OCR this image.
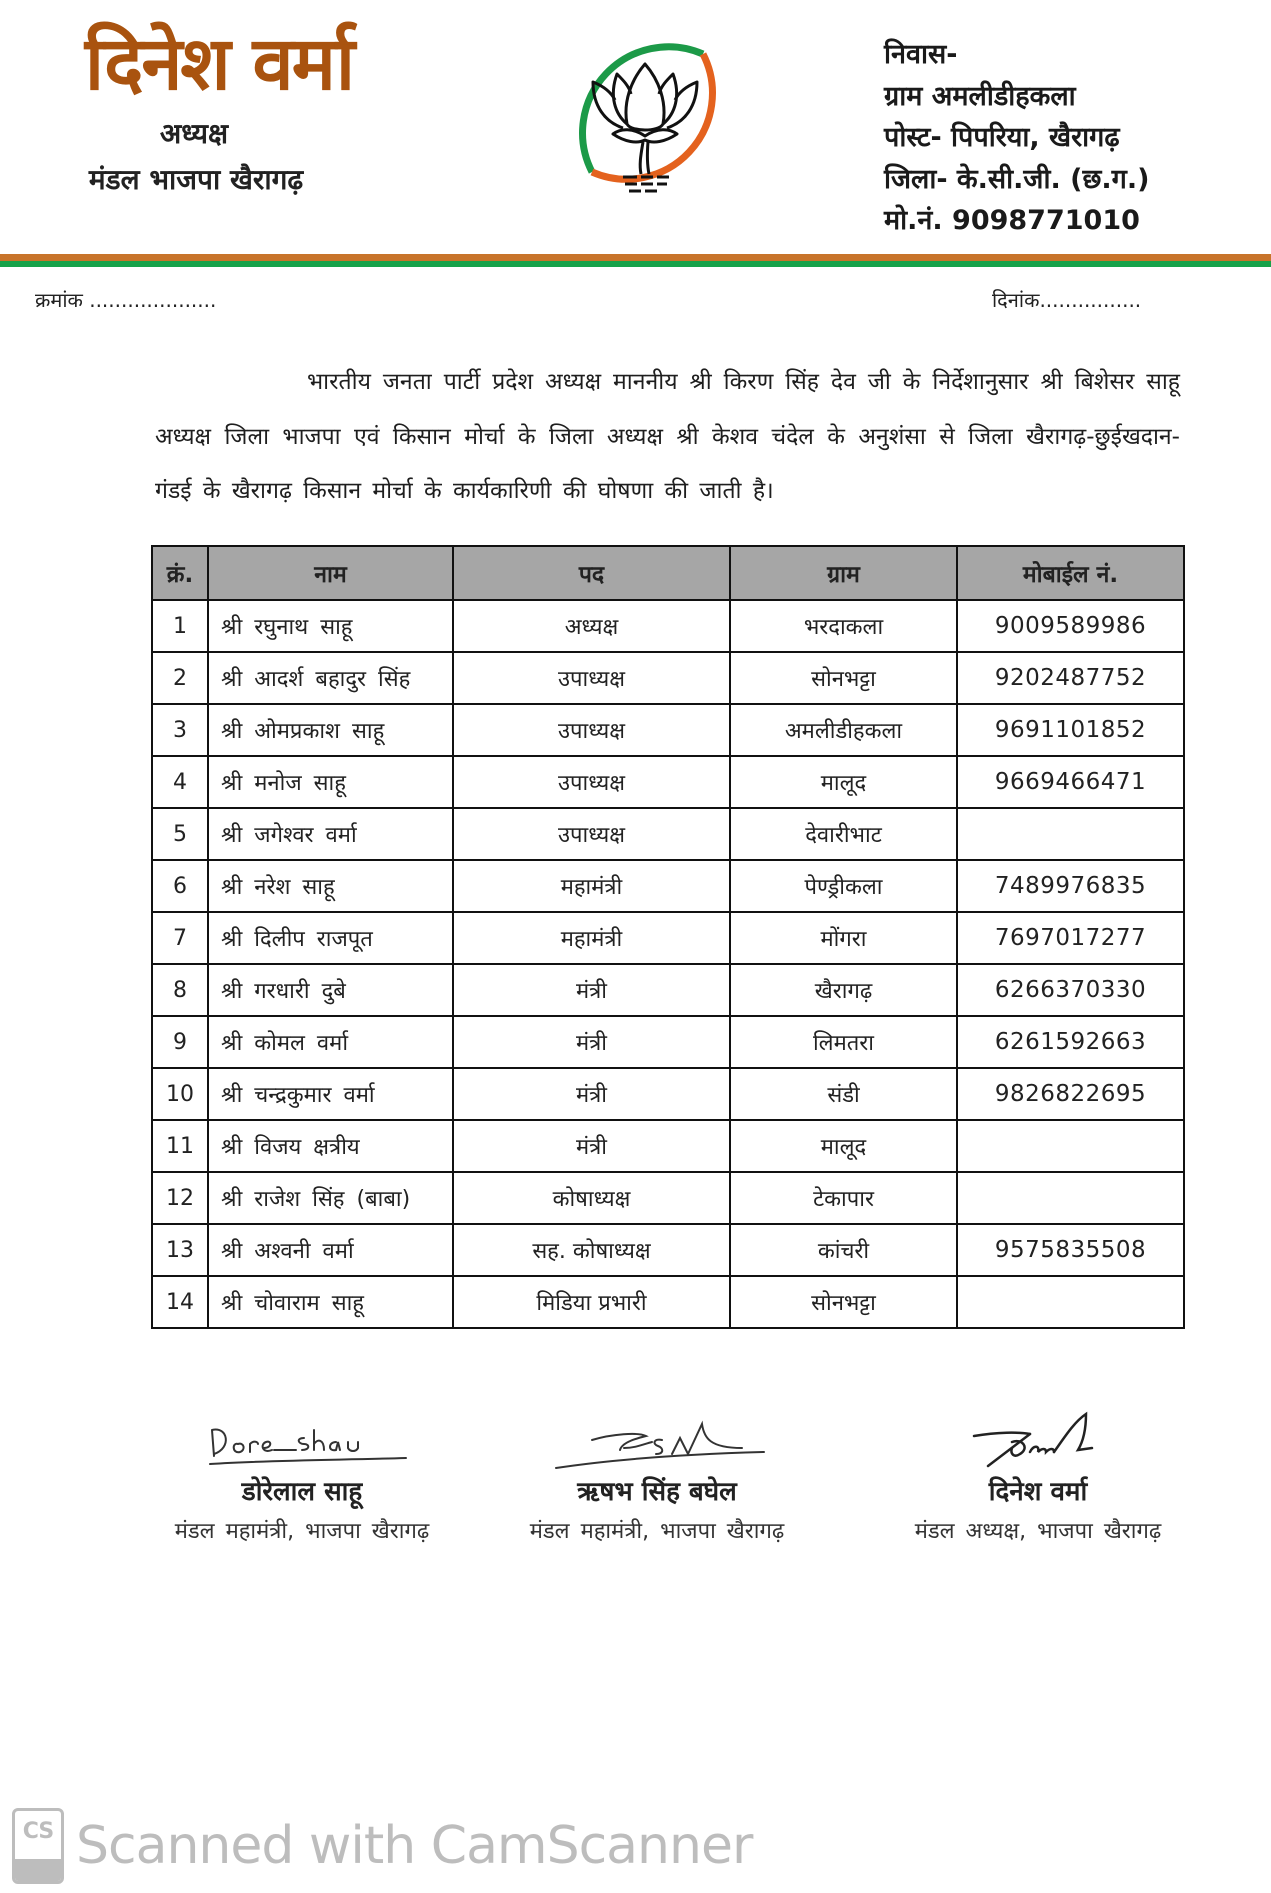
दिनेश वर्मा
अध्यक्ष
मंडल भाजपा खैरागढ़
निवास-
ग्राम अमलीडीहकला
पोस्ट- पिपरिया, खैरागढ़
जिला- के.सी.जी. (छ.ग.)
मो.नं. 9098771010
क्रमांक ....................	दिनांक................
भारतीय जनता पार्टी प्रदेश अध्यक्ष माननीय श्री किरण सिंह देव जी के निर्देशानुसार श्री बिशेसर साहू अध्यक्ष जिला भाजपा एवं किसान मोर्चा के जिला अध्यक्ष श्री केशव चंदेल के अनुशंसा से जिला खैरागढ़-छुईखदान-गंडई के खैरागढ़ किसान मोर्चा के कार्यकारिणी की घोषणा की जाती है।
क्रं.	नाम	पद	ग्राम	मोबाईल नं.
1	श्री रघुनाथ साहू	अध्यक्ष	भरदाकला	9009589986
2	श्री आदर्श बहादुर सिंह	उपाध्यक्ष	सोनभट्टा	9202487752
3	श्री ओमप्रकाश साहू	उपाध्यक्ष	अमलीडीहकला	9691101852
4	श्री मनोज साहू	उपाध्यक्ष	मालूद	9669466471
5	श्री जगेश्वर वर्मा	उपाध्यक्ष	देवारीभाट	
6	श्री नरेश साहू	महामंत्री	पेण्ड्रीकला	7489976835
7	श्री दिलीप राजपूत	महामंत्री	मोंगरा	7697017277
8	श्री गरधारी दुबे	मंत्री	खैरागढ़	6266370330
9	श्री कोमल वर्मा	मंत्री	लिमतरा	6261592663
10	श्री चन्द्रकुमार वर्मा	मंत्री	संडी	9826822695
11	श्री विजय क्षत्रीय	मंत्री	मालूद	
12	श्री राजेश सिंह (बाबा)	कोषाध्यक्ष	टेकापार	
13	श्री अश्वनी वर्मा	सह. कोषाध्यक्ष	कांचरी	9575835508
14	श्री चोवाराम साहू	मिडिया प्रभारी	सोनभट्टा	
डोरेलाल साहू
मंडल महामंत्री, भाजपा खैरागढ़
ऋषभ सिंह बघेल
मंडल महामंत्री, भाजपा खैरागढ़
दिनेश वर्मा
मंडल अध्यक्ष, भाजपा खैरागढ़
CS Scanned with CamScanner
